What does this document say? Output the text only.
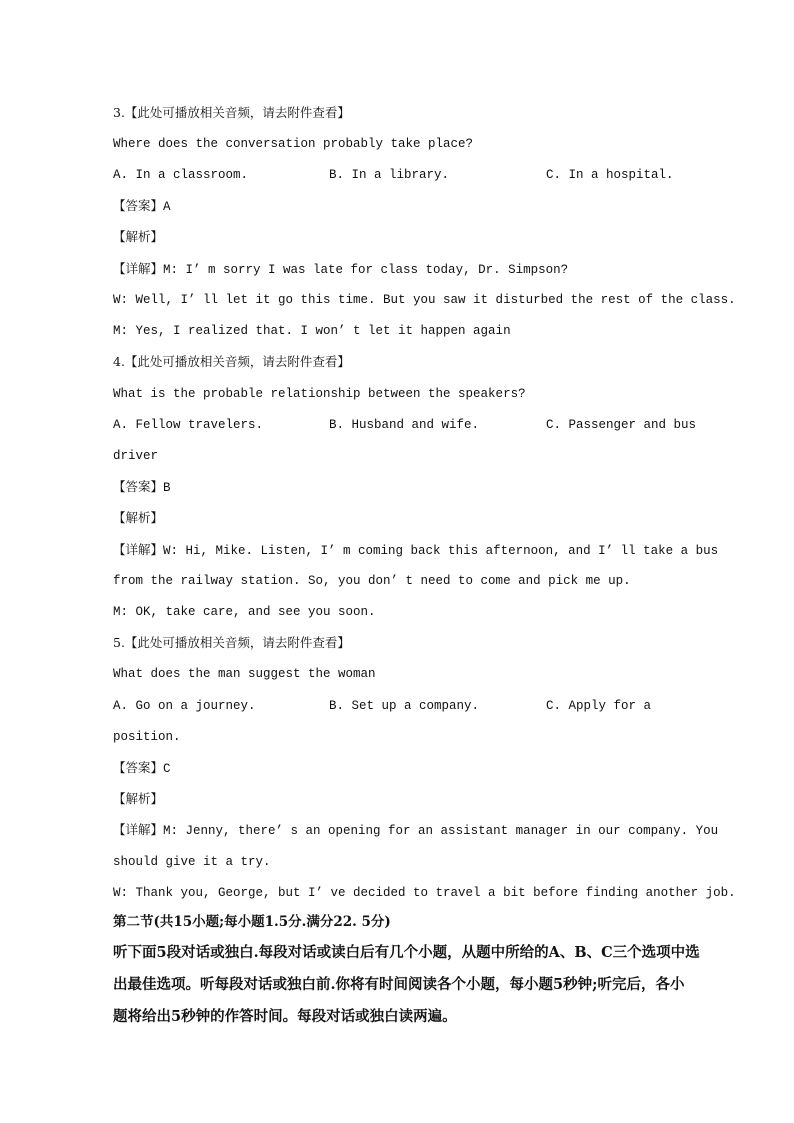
3.【此处可播放相关音频，请去附件查看】
Where does the conversation probably take place?
A. In a classroom.	B. In a library.	C. In a hospital.
【答案】A
【解析】
【详解】M: I’ m sorry I was late for class today, Dr. Simpson?
W: Well, I’ ll let it go this time. But you saw it disturbed the rest of the class.
M: Yes, I realized that. I won’ t let it happen again
4.【此处可播放相关音频，请去附件查看】
What is the probable relationship between the speakers?
A. Fellow travelers.	B. Husband and wife.	C. Passenger and bus
driver
【答案】B
【解析】
【详解】W: Hi, Mike. Listen, I’ m coming back this afternoon, and I’ ll take a bus
from the railway station. So, you don’ t need to come and pick me up.
M: OK, take care, and see you soon.
5.【此处可播放相关音频，请去附件查看】
What does the man suggest the woman
A. Go on a journey.	B. Set up a company.	C. Apply for a
position.
【答案】C
【解析】
【详解】M: Jenny, there’ s an opening for an assistant manager in our company. You
should give it a try.
W: Thank you, George, but I’ ve decided to travel a bit before finding another job.
第二节(共15小题;每小题1.5分.满分22. 5分)
听下面5段对话或独白.每段对话或读白后有几个小题，从题中所给的A、B、C三个选项中选
出最佳选项。听每段对话或独白前.你将有时间阅读各个小题，每小题5秒钟;听完后，各小
题将给出5秒钟的作答时间。每段对话或独白读两遍。
